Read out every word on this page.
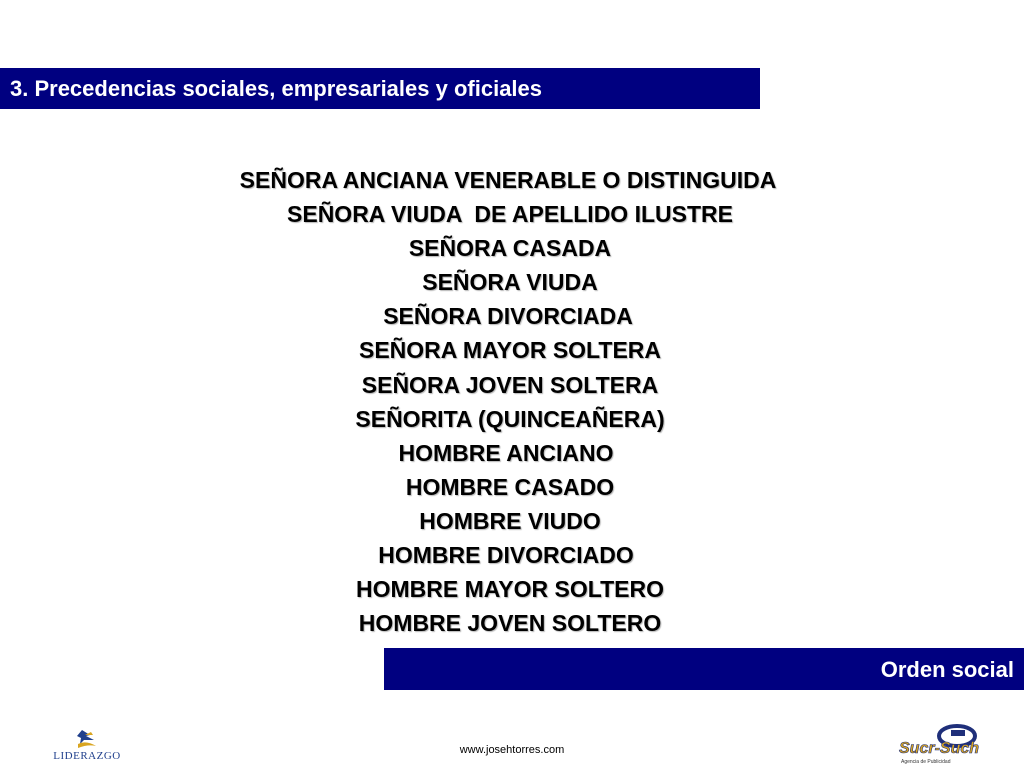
3. Precedencias sociales, empresariales y oficiales
SEÑORA ANCIANA VENERABLE O DISTINGUIDA
SEÑORA VIUDA  DE APELLIDO ILUSTRE
SEÑORA CASADA
SEÑORA VIUDA
SEÑORA DIVORCIADA
SEÑORA MAYOR SOLTERA
SEÑORA JOVEN SOLTERA
SEÑORITA (QUINCEAÑERA)
HOMBRE ANCIANO
HOMBRE CASADO
HOMBRE VIUDO
HOMBRE DIVORCIADO
HOMBRE MAYOR SOLTERO
HOMBRE JOVEN SOLTERO
Orden social
LIDERAZGO	www.josehtorres.com	Sucr-Such
Agencia de Publicidad
